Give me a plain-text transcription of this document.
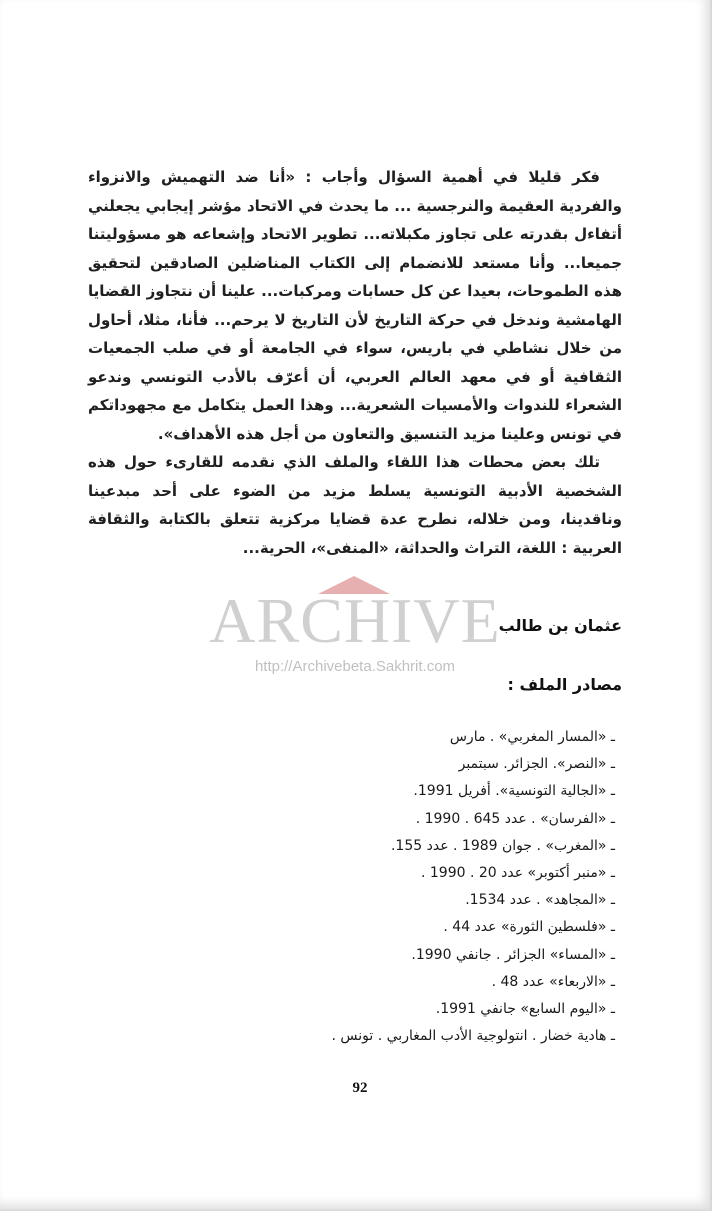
فكر قليلا في أهمية السؤال وأجاب : «أنا ضد التهميش والانزواء والفردية العقيمة والنرجسية ... ما يحدث في الاتحاد مؤشر إيجابي يجعلني أتفاءل بقدرته على تجاوز مكبلاته... تطوير الاتحاد وإشعاعه هو مسؤوليتنا جميعا... وأنا مستعد للانضمام إلى الكتاب المناضلين الصادقين لتحقيق هذه الطموحات، بعيدا عن كل حسابات ومركبات... علينا أن نتجاوز القضايا الهامشية وندخل في حركة التاريخ لأن التاريخ لا يرحم... فأنا، مثلا، أحاول من خلال نشاطي في باريس، سواء في الجامعة أو في صلب الجمعيات الثقافية أو في معهد العالم العربي، أن أعرّف بالأدب التونسي وندعو الشعراء للندوات والأمسيات الشعرية... وهذا العمل يتكامل مع مجهوداتكم في تونس وعلينا مزيد التنسيق والتعاون من أجل هذه الأهداف».

تلك بعض محطات هذا اللقاء والملف الذي نقدمه للقارىء حول هذه الشخصية الأدبية التونسية يسلط مزيد من الضوء على أحد مبدعينا وناقدينا، ومن خلاله، نطرح عدة قضايا مركزية تتعلق بالكتابة والثقافة العربية : اللغة، التراث والحداثة، «المنفى»، الحرية...

ARCHIVE
http://Archivebeta.Sakhrit.com
عثمان بن طالب
مصادر الملف :
ـ «المسار المغربي» . مارس
ـ «النصر». الجزائر. سبتمبر
ـ «الجالية التونسية». أفريل 1991.
ـ «الفرسان» . عدد 645 . 1990 .
ـ «المغرب» . جوان 1989 . عدد 155.
ـ «منبر أكتوبر» عدد 20 . 1990 .
ـ «المجاهد» . عدد 1534.
ـ «فلسطين الثورة» عدد 44 .
ـ «المساء» الجزائر . جانفي 1990.
ـ «الاربعاء» عدد 48 .
ـ «اليوم السابع» جانفي 1991.
ـ هادية خضار . انتولوجية الأدب المغاربي . تونس .
92
